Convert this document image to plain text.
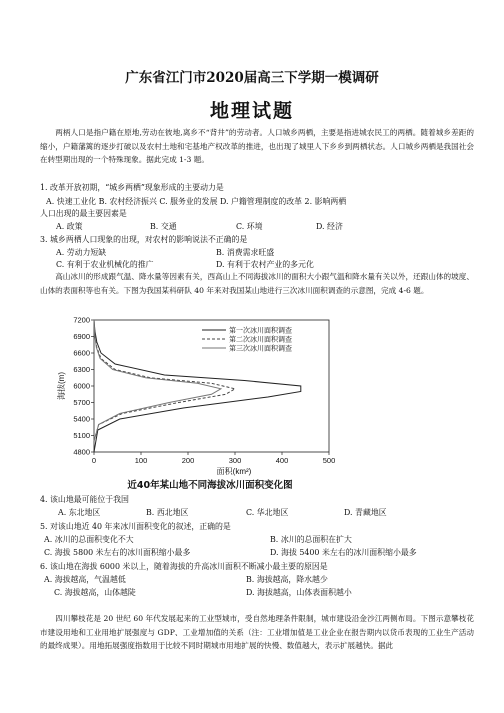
广东省江门市2020届高三下学期一模调研
地理试题
两柄人口是指户籍在原地,劳动在彼地,离乡不“背井”的劳动者。人口城乡两栖，主要是指进城农民工的两栖。随着城乡差距的缩小，户籍藩篱的逐步打破以及农村土地和宅基地产权改革的推进，也出现了城里人下乡乡到两栖状态。人口城乡两栖是我国社会在转型期出现的一个特殊现象。据此完成 1-3 题。
1. 改革开放初期，“城乡两栖”现象形成的主要动力是
A. 快速工业化 B. 农村经济振兴 C. 服务业的发展 D. 户籍管理制度的改革 2. 影响两栖
人口出现的最主要因素是
A. 政策	B. 交通	C. 环境	D. 经济
3. 城乡两栖人口现象的出现，对农村的影响说法不正确的是
A. 劳动力短缺	B. 消费需求旺盛
C. 有利于农业机械化的推广	D. 有利于农村产业的多元化
高山冰川的形成跟气温、降水量等因素有关，西高山上不同海拔冰川的面积大小跟气温和降水量有关以外，还跟山体的坡度、山体的表面积等也有关。下图为我国某科研队 40 年来对我国某山地进行三次冰川面积调查的示意图，完成 4-6 题。
4800
5100
5400
5700
6000
6300
6600
6900
7200
0	100	200	300	400	500
海拔(m)
面积(km²)
第一次冰川面积调查
第二次冰川面积调查
第三次冰川面积调查
近40年某山地不同海拔冰川面积变化图
4. 该山地最可能位于我国
A. 东北地区	B. 西北地区	C. 华北地区	D. 青藏地区
5. 对该山地近 40 年来冰川面积变化的叙述，正确的是
A. 冰川的总面积变化不大	B. 冰川的总面积在扩大
C. 海拔 5800 米左右的冰川面积缩小最多	D. 海拔 5400 米左右的冰川面积缩小最多
6. 该山地在海拔 6000 米以上，随着海拔的升高冰川面积不断减小最主要的原因是
A. 海拔越高，气温越低	B. 海拔越高，降水越少
C. 海拔越高，山体越陡	D. 海拔越高，山体表面积越小
四川攀枝花是 20 世纪 60 年代发展起来的工业型城市，受自然地理条件限制，城市建设沿金沙江两侧布局。下图示意攀枝花市建设用地和工业用地扩展强度与 GDP、工业增加值的关系（注：工业增加值是工业企业在报告期内以货币表现的工业生产活动的最终成果）。用地拓展强度指数用于比较不同时期城市用地扩展的快慢、数值越大，表示扩展越快。据此
